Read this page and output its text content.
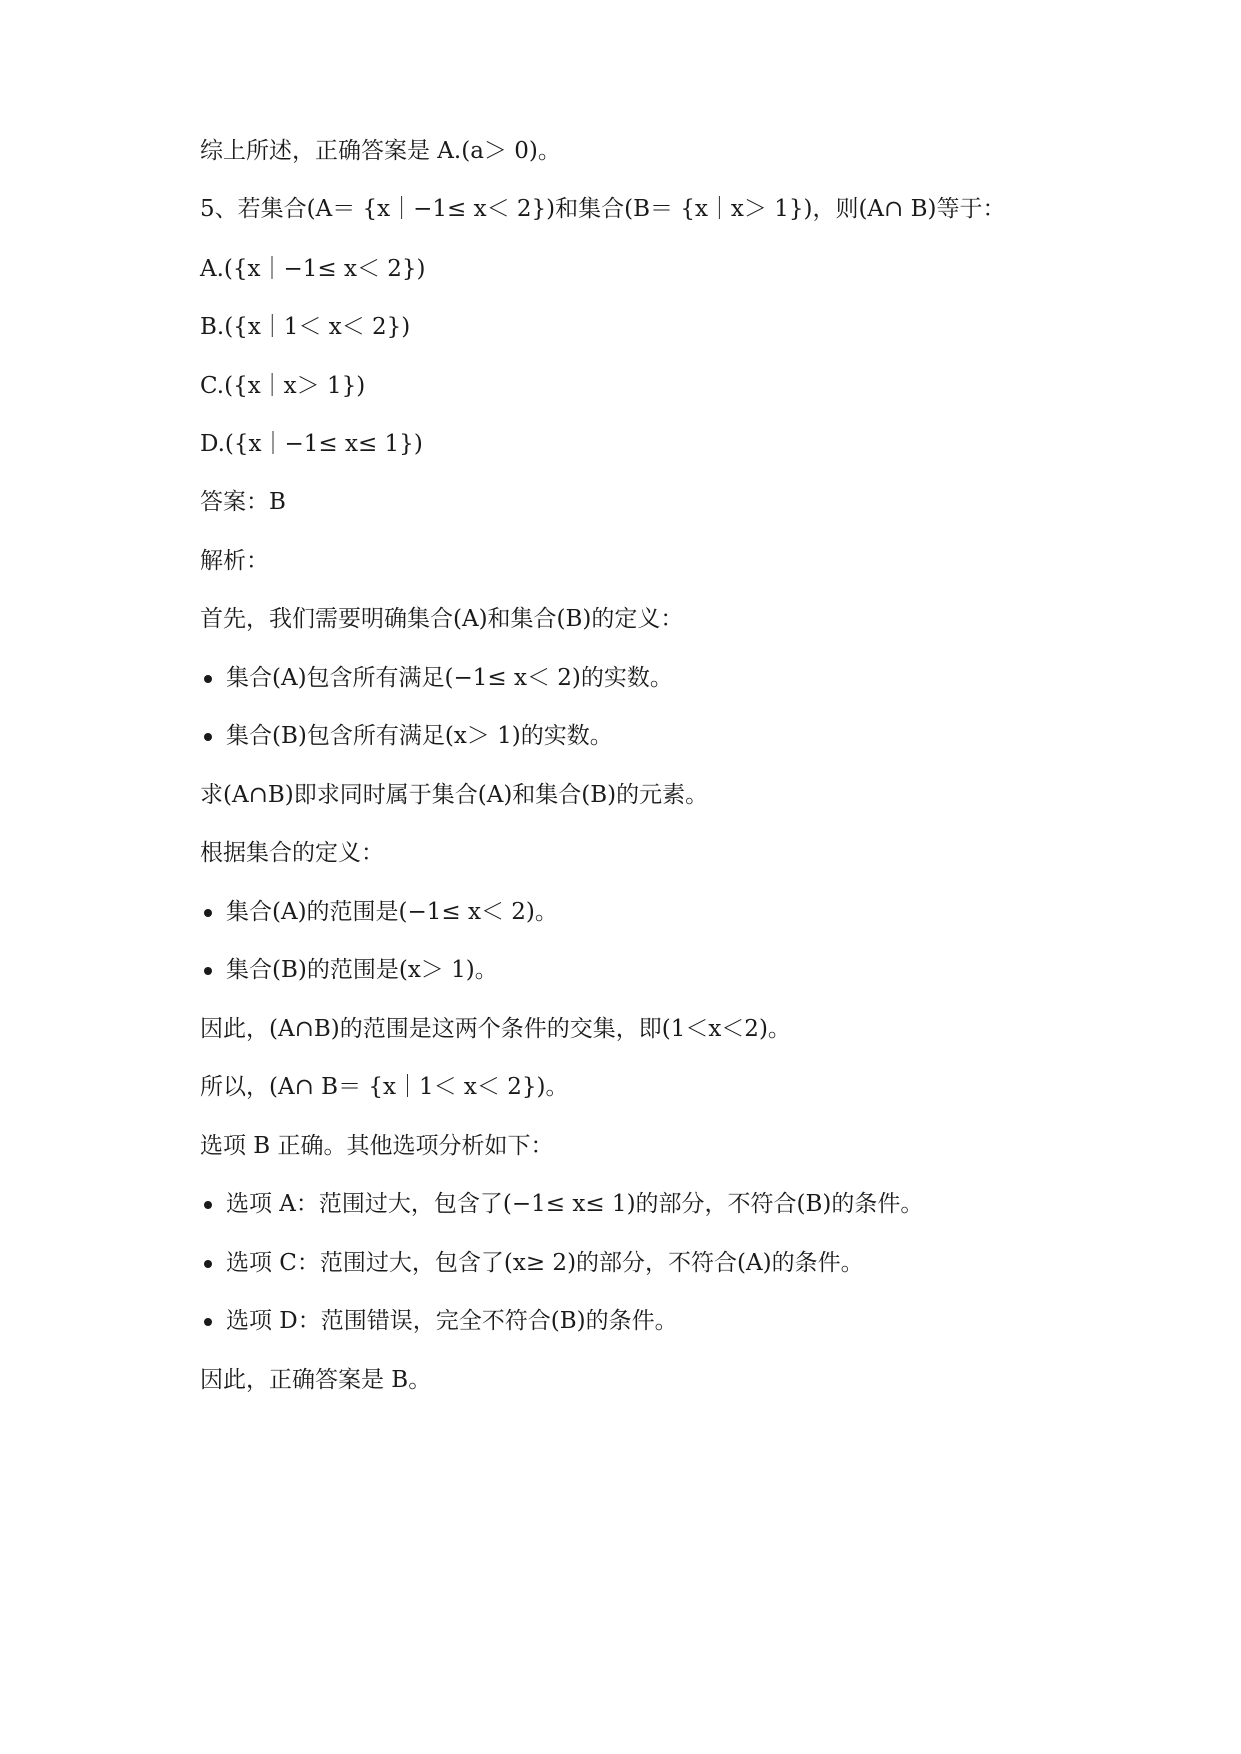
综上所述，正确答案是 A.(a＞ 0)。
5、若集合(A＝ {x｜−1≤ x＜ 2})和集合(B＝ {x｜x＞ 1})，则(A∩ B)等于：
A.({x｜−1≤ x＜ 2})
B.({x｜1＜ x＜ 2})
C.({x｜x＞ 1})
D.({x｜−1≤ x≤ 1})
答案：B
解析：
首先，我们需要明确集合(A)和集合(B)的定义：
集合(A)包含所有满足(−1≤ x＜ 2)的实数。
集合(B)包含所有满足(x＞ 1)的实数。
求(A∩B)即求同时属于集合(A)和集合(B)的元素。
根据集合的定义：
集合(A)的范围是(−1≤ x＜ 2)。
集合(B)的范围是(x＞ 1)。
因此，(A∩B)的范围是这两个条件的交集，即(1＜x＜2)。
所以，(A∩ B＝ {x｜1＜ x＜ 2})。
选项 B 正确。其他选项分析如下：
选项 A：范围过大，包含了(−1≤ x≤ 1)的部分，不符合(B)的条件。
选项 C：范围过大，包含了(x≥ 2)的部分，不符合(A)的条件。
选项 D：范围错误，完全不符合(B)的条件。
因此，正确答案是 B。
